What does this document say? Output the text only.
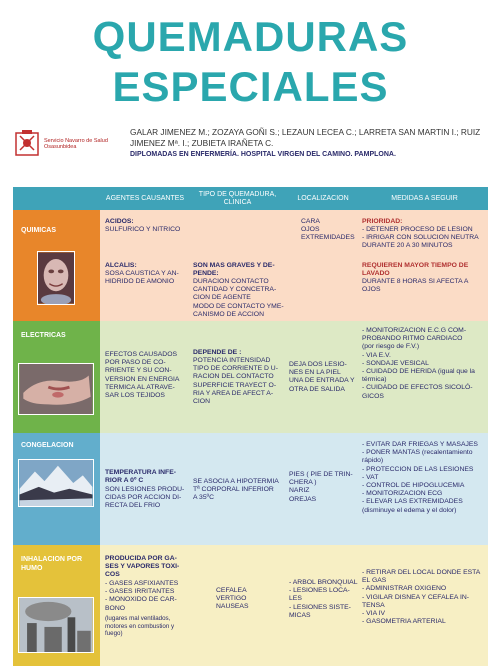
QUEMADURAS
ESPECIALES
Servicio Navarro de Salud
Osasunbidea
GALAR JIMENEZ M.; ZOZAYA GOÑI S.; LEZAUN LECEA C.; LARRETA SAN MARTIN I.; RUIZ JIMENEZ Mª. I.; ZUBIETA IRAÑETA C.
DIPLOMADAS EN ENFERMERÍA. HOSPITAL VIRGEN DEL CAMINO. PAMPLONA.
AGENTES CAUSANTES
TIPO DE QUEMADURA,
CLINICA
LOCALIZACION	MEDIDAS A SEGUIR
QUIMICAS
ACIDOS:
SULFURICO Y NITRICO
CARA
OJOS
EXTREMIDADES
PRIORIDAD:
- DETENER PROCESO DE LESION
- IRRIGAR CON SOLUCION NEUTRA
DURANTE 20 A 30 MINUTOS
ALCALIS:
SOSA CAUSTICA Y AN-
HIDRIDO DE AMONIO
SON MAS GRAVES Y DE-
PENDE:
DURACION CONTACTO
CANTIDAD Y CONCETRA-
CION DE AGENTE
MODO DE CONTACTO YME-
CANISMO DE ACCION
REQUIEREN MAYOR TIEMPO DE
LAVADO
DURANTE 8 HORAS SI AFECTA A
OJOS
ELECTRICAS
EFECTOS CAUSADOS
POR PASO DE CO-
RRIENTE Y SU CON-
VERSION EN ENERGIA
TERMICA AL ATRAVE-
SAR LOS TEJIDOS
DEPENDE DE :
POTENCIA INTENSIDAD
TIPO DE CORRIENTE D U-
RACION DEL CONTACTO
SUPERFICIE TRAYECT O-
RIA Y AREA DE AFECT A-
CION
DEJA DOS LESIO-
NES EN LA PIEL
UNA DE ENTRADA Y
OTRA DE SALIDA
- MONITORIZACION E.C.G COM-
PROBANDO RITMO CARDIACO
(por riesgo de F.V.)
- VIA E.V.
- SONDAJE VESICAL
- CUIDADO DE HERIDA (igual que la
térmica)
- CUIDADO DE EFECTOS SICOLÓ-
GICOS
CONGELACION
TEMPERATURA INFE-
RIOR A 0º C
SON LESIONES PRODU-
CIDAS POR ACCION DI-
RECTA DEL FRIO
SE ASOCIA A HIPOTERMIA
Tª CORPORAL INFERIOR
A 35ºC
PIES ( PIE DE TRIN-
CHERA )
NARIZ
OREJAS
- EVITAR DAR FRIEGAS Y MASAJES
- PONER MANTAS (recalentamiento
rápido)
- PROTECCION DE LAS LESIONES
- VAT
- CONTROL DE HIPOGLUCEMIA
- MONITORIZACION ECG
- ELEVAR LAS EXTREMIDADES
(disminuye el edema y el dolor)
INHALACION POR
HUMO
PRODUCIDA POR GA-
SES Y VAPORES TOXI-
COS
- GASES ASFIXIANTES
- GASES IRRITANTES
- MONOXIDO DE CAR-
BONO
(lugares mal ventilados,
motores en combustion y
fuego)
CEFALEA
VERTIGO
NAUSEAS
- ARBOL BRONQUIAL
- LESIONES LOCA-
LES
- LESIONES SISTE-
MICAS
- RETIRAR DEL LOCAL DONDE ESTA
EL GAS
- ADMINISTRAR OXIGENO
- VIGILAR DISNEA Y CEFALEA IN-
TENSA
- VIA IV
- GASOMETRIA ARTERIAL
